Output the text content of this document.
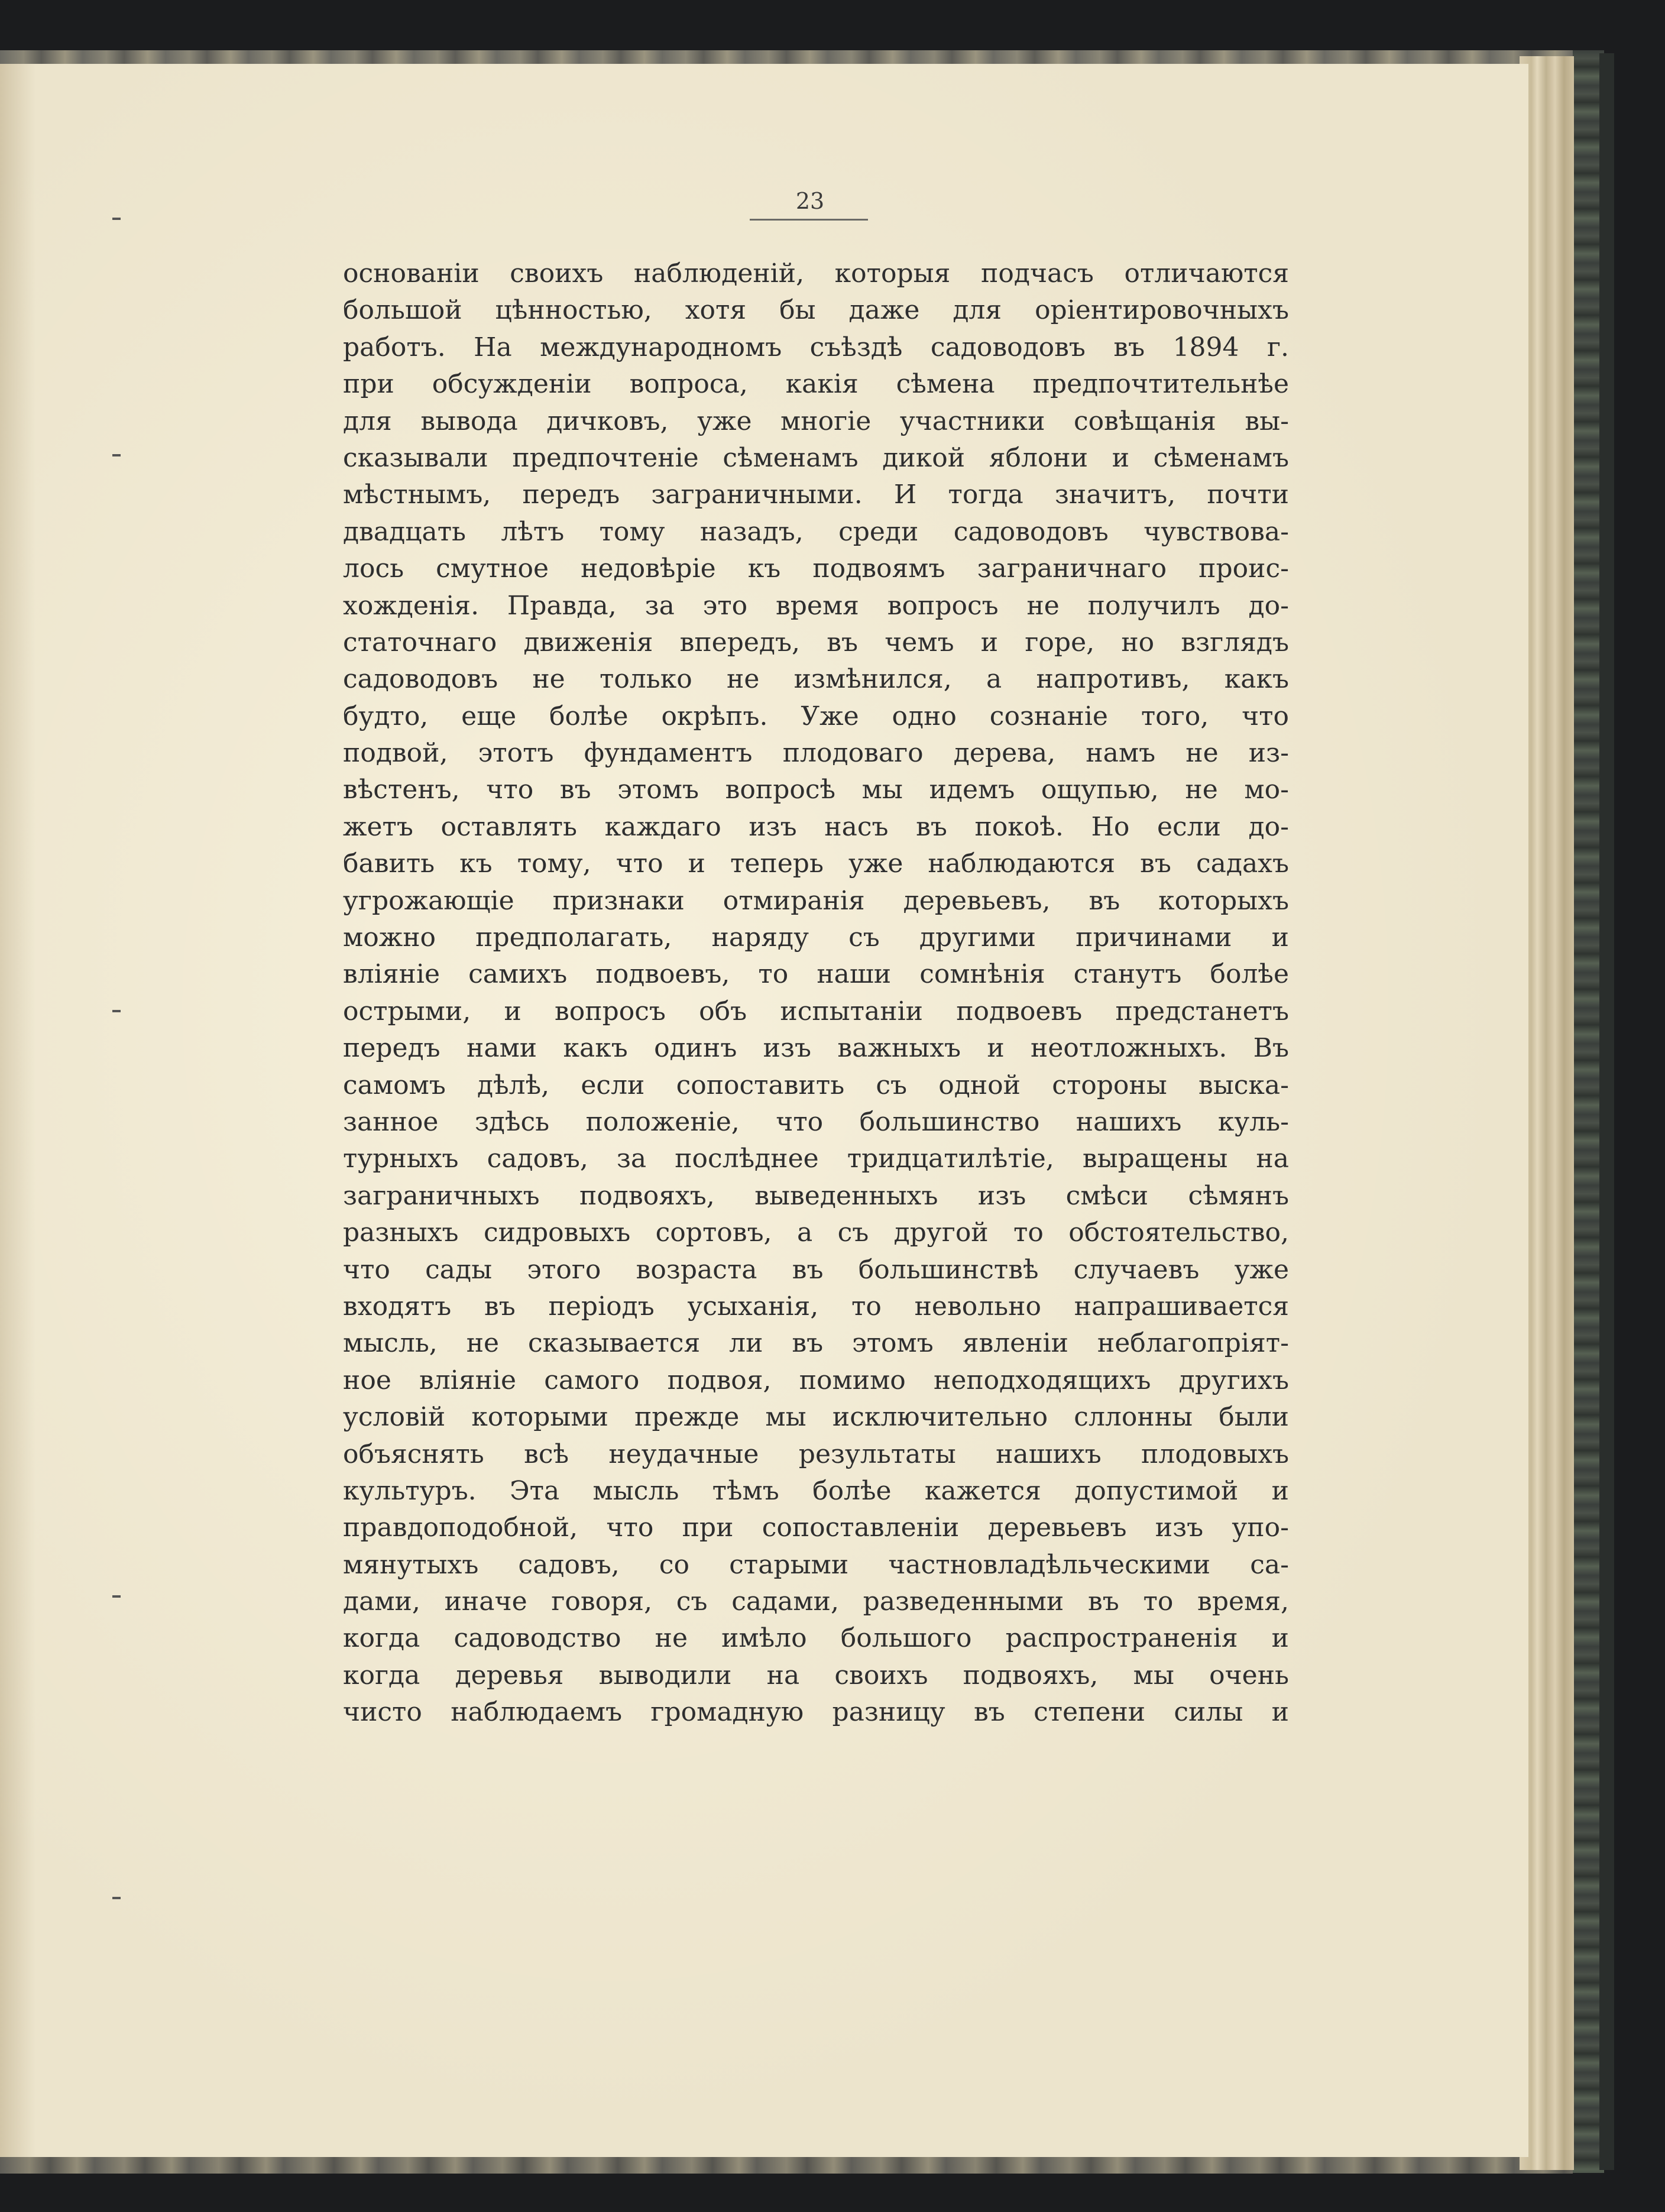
23
основаніи своихъ наблюденій, которыя подчасъ отличаются
большой цѣнностью, хотя бы даже для оріентировочныхъ
работъ. На международномъ съѣздѣ садоводовъ въ 1894 г.
при обсужденіи вопроса, какія сѣмена предпочтительнѣе
для вывода дичковъ, уже многіе участники совѣщанія вы-
сказывали предпочтеніе сѣменамъ дикой яблони и сѣменамъ
мѣстнымъ, передъ заграничными. И тогда значитъ, почти
двадцать лѣтъ тому назадъ, среди садоводовъ чувствова-
лось смутное недовѣріе къ подвоямъ заграничнаго проис-
хожденія. Правда, за это время вопросъ не получилъ до-
статочнаго движенія впередъ, въ чемъ и горе, но взглядъ
садоводовъ не только не измѣнился, а напротивъ, какъ
будто, еще болѣе окрѣпъ. Уже одно сознаніе того, что
подвой, этотъ фундаментъ плодоваго дерева, намъ не из-
вѣстенъ, что въ этомъ вопросѣ мы идемъ ощупью, не мо-
жетъ оставлять каждаго изъ насъ въ покоѣ. Но если до-
бавить къ тому, что и теперь уже наблюдаются въ садахъ
угрожающіе признаки отмиранія деревьевъ, въ которыхъ
можно предполагать, наряду съ другими причинами и
вліяніе самихъ подвоевъ, то наши сомнѣнія станутъ болѣе
острыми, и вопросъ объ испытаніи подвоевъ предстанетъ
передъ нами какъ одинъ изъ важныхъ и неотложныхъ. Въ
самомъ дѣлѣ, если сопоставить съ одной стороны выска-
занное здѣсь положеніе, что большинство нашихъ куль-
турныхъ садовъ, за послѣднее тридцатилѣтіе, выращены на
заграничныхъ подвояхъ, выведенныхъ изъ смѣси сѣмянъ
разныхъ сидровыхъ сортовъ, а съ другой то обстоятельство,
что сады этого возраста въ большинствѣ случаевъ уже
входятъ въ періодъ усыханія, то невольно напрашивается
мысль, не сказывается ли въ этомъ явленіи неблагопріят-
ное вліяніе самого подвоя, помимо неподходящихъ другихъ
условій которыми прежде мы исключительно сллонны были
объяснять всѣ неудачные результаты нашихъ плодовыхъ
культуръ. Эта мысль тѣмъ болѣе кажется допустимой и
правдоподобной, что при сопоставленіи деревьевъ изъ упо-
мянутыхъ садовъ, со старыми частновладѣльческими са-
дами, иначе говоря, съ садами, разведенными въ то время,
когда садоводство не имѣло большого распространенія и
когда деревья выводили на своихъ подвояхъ, мы очень
чисто наблюдаемъ громадную разницу въ степени силы и
